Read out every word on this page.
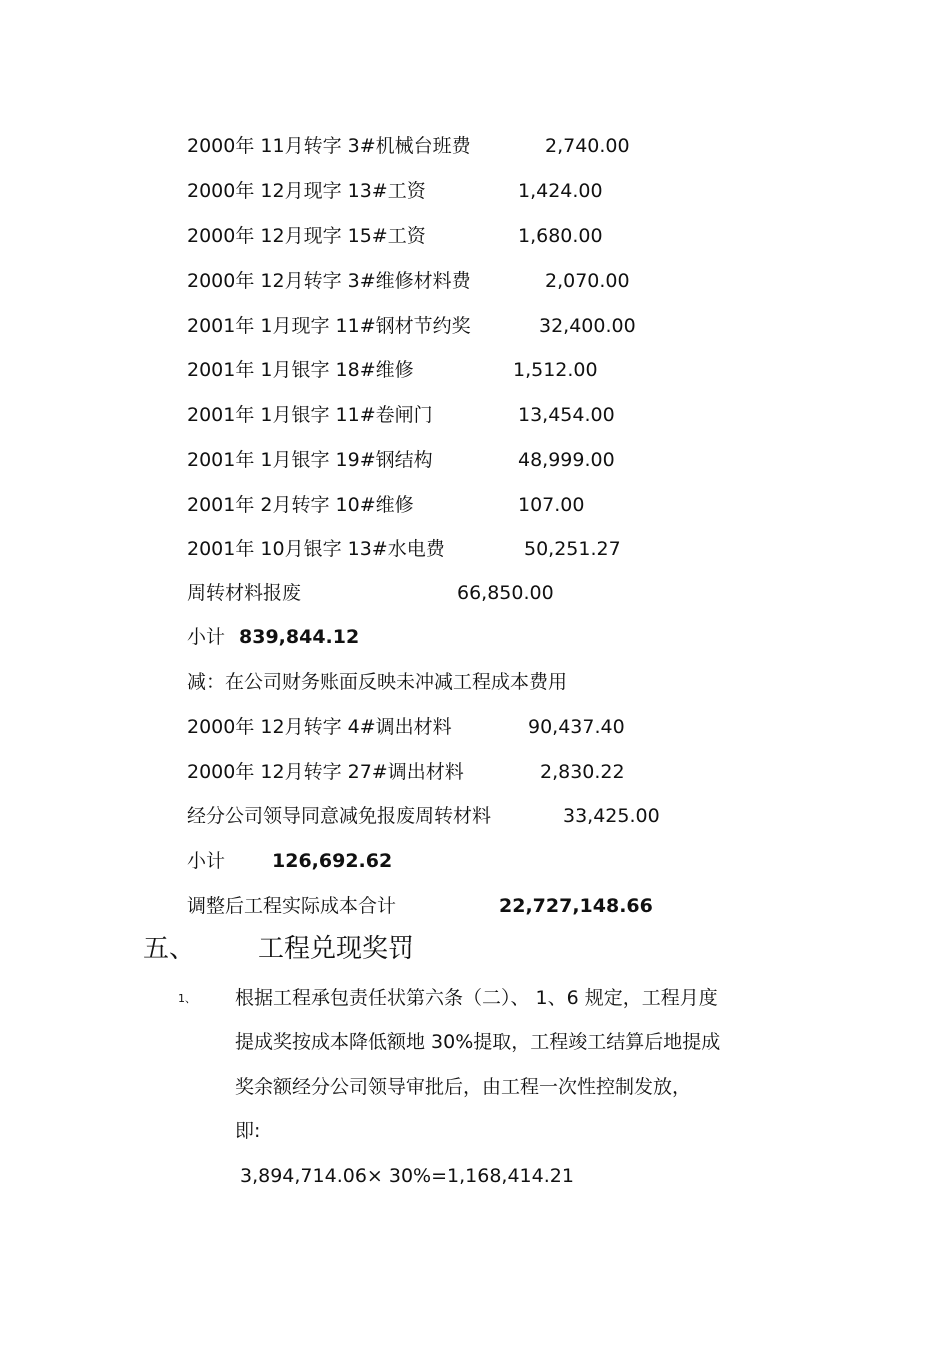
2000年 11月转字 3#机械台班费	2,740.00
2000年 12月现字 13#工资	1,424.00
2000年 12月现字 15#工资	1,680.00
2000年 12月转字 3#维修材料费	2,070.00
2001年 1月现字 11#钢材节约奖	32,400.00
2001年 1月银字 18#维修	1,512.00
2001年 1月银字 11#卷闸门	13,454.00
2001年 1月银字 19#钢结构	48,999.00
2001年 2月转字 10#维修	107.00
2001年 10月银字 13#水电费	50,251.27
周转材料报废	66,850.00
小计 839,844.12
减：在公司财务账面反映未冲减工程成本费用
2000年 12月转字 4#调出材料	90,437.40
2000年 12月转字 27#调出材料	2,830.22
经分公司领导同意减免报废周转材料	33,425.00
小计 126,692.62
调整后工程实际成本合计	22,727,148.66
五、 工程兑现奖罚
1、 根据工程承包责任状第六条（二）、 1、6 规定，工程月度
提成奖按成本降低额地 30%提取，工程竣工结算后地提成
奖余额经分公司领导审批后，由工程一次性控制发放，
即:
3,894,714.06× 30%=1,168,414.21
